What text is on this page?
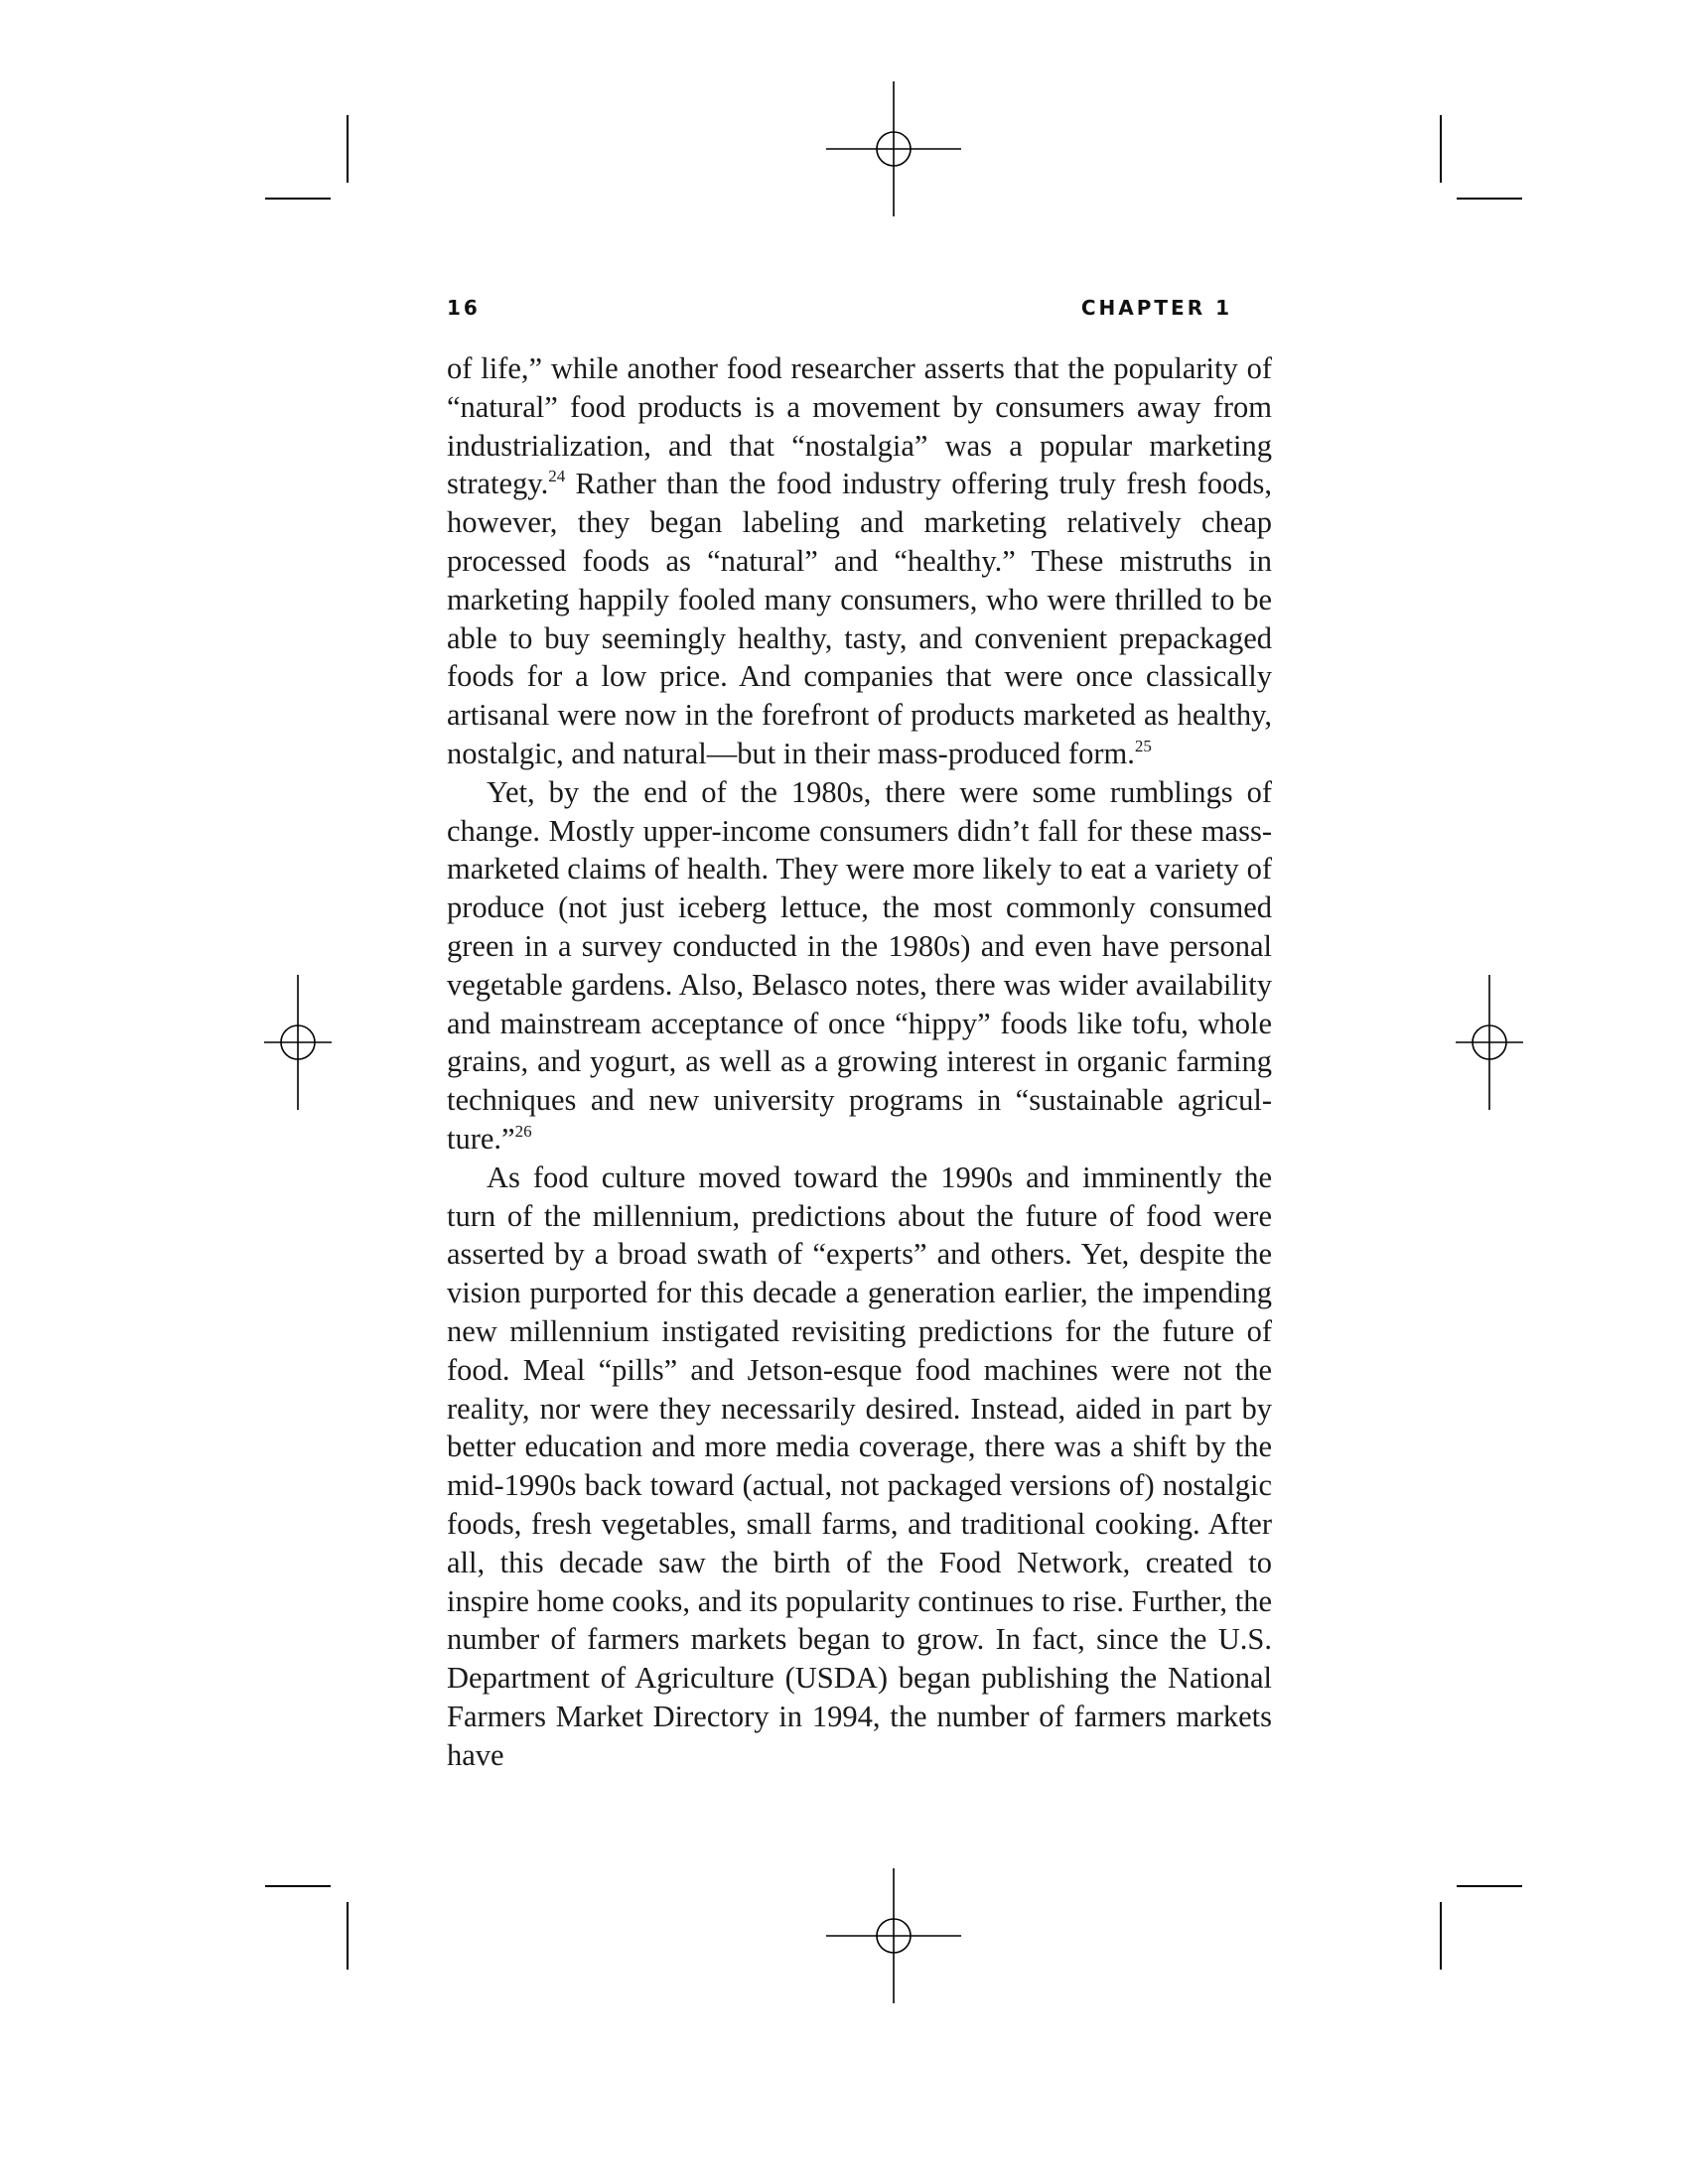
16	CHAPTER 1

of life,” while another food researcher asserts that the popularity of “natural” food products is a movement by consumers away from industrialization, and that “nostalgia” was a popular marketing strategy.$^{24}$ Rather than the food industry offering truly fresh foods, however, they began labeling and marketing relatively cheap processed foods as “natural” and “healthy.” These mistruths in marketing happily fooled many consumers, who were thrilled to be able to buy seemingly healthy, tasty, and convenient prepackaged foods for a low price. And companies that were once classically artisanal were now in the forefront of products marketed as healthy, nostalgic, and natural—but in their mass-produced form.$^{25}$

Yet, by the end of the 1980s, there were some rumblings of change. Mostly upper-income consumers didn’t fall for these mass-marketed claims of health. They were more likely to eat a variety of produce (not just iceberg lettuce, the most commonly consumed green in a survey conducted in the 1980s) and even have personal vegetable gardens. Also, Belasco notes, there was wider availability and mainstream acceptance of once “hippy” foods like tofu, whole grains, and yogurt, as well as a growing interest in organic farming techniques and new university programs in “sustainable agriculture.”$^{26}$

As food culture moved toward the 1990s and imminently the turn of the millennium, predictions about the future of food were asserted by a broad swath of “experts” and others. Yet, despite the vision purported for this decade a generation earlier, the impending new millennium instigated revisiting predictions for the future of food. Meal “pills” and Jetson-esque food machines were not the reality, nor were they necessarily desired. Instead, aided in part by better education and more media coverage, there was a shift by the mid-1990s back toward (actual, not packaged versions of) nostalgic foods, fresh vegetables, small farms, and traditional cooking. After all, this decade saw the birth of the Food Network, created to inspire home cooks, and its popularity continues to rise. Further, the number of farmers markets began to grow. In fact, since the U.S. Department of Agriculture (USDA) began publishing the National Farmers Market Directory in 1994, the number of farmers markets have
